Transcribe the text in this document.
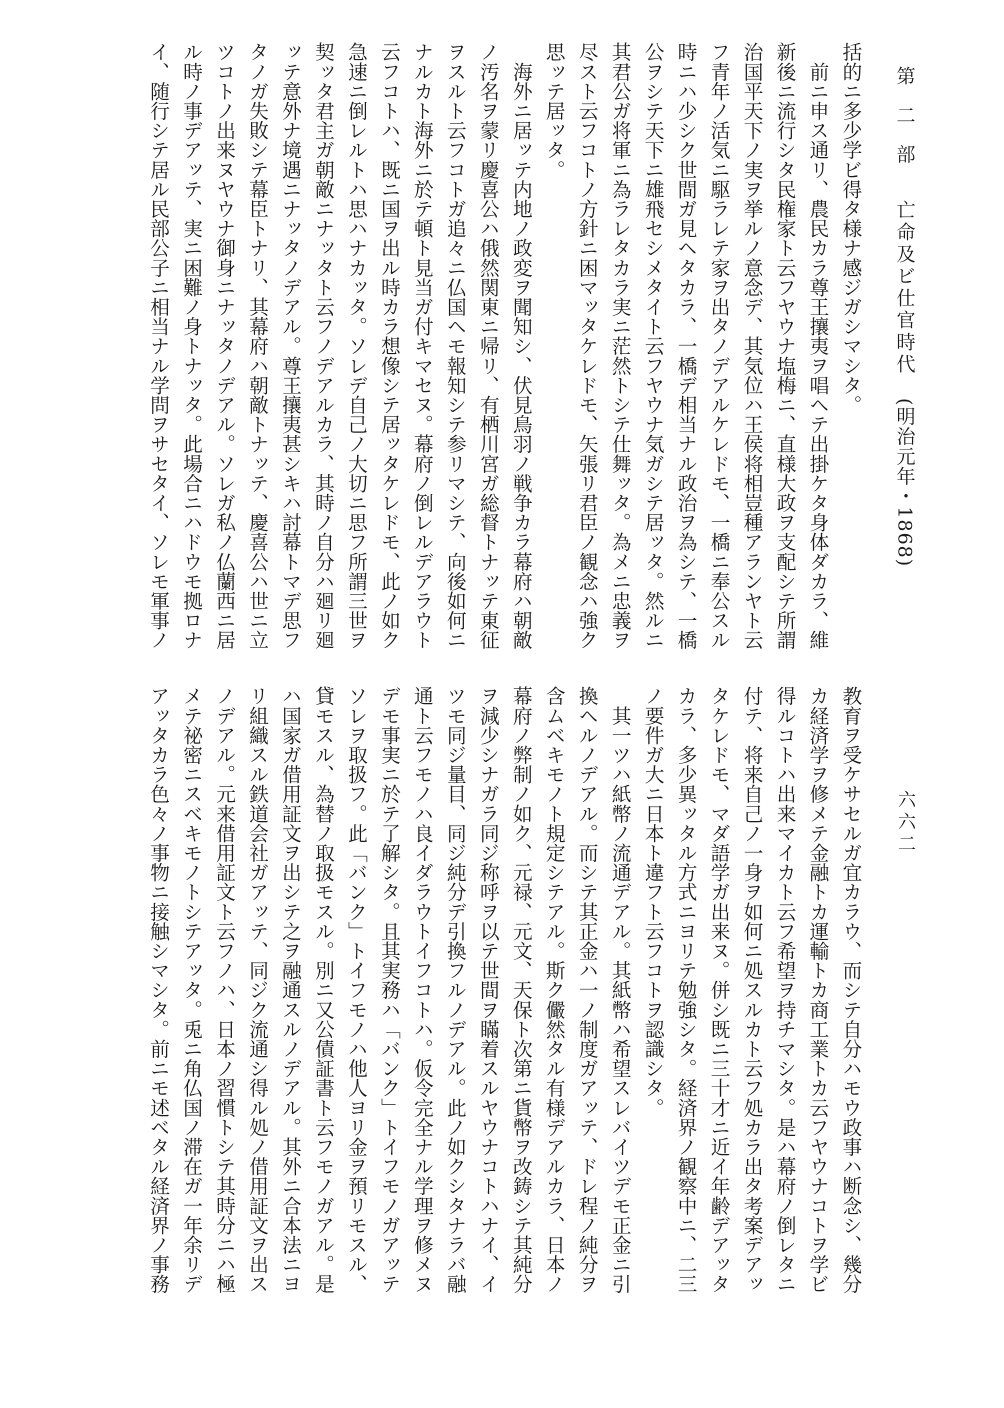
第 二 部
亡命及ビ仕官時代
(明治元年・1868)
六六二
括的ニ多少学ビ得タ様ナ感ジガシマシタ。
　前ニ申ス通リ、農民カラ尊王攘夷ヲ唱ヘテ出掛ケタ身体ダカラ、維
新後ニ流行シタ民権家ト云フヤウナ塩梅ニ、直様大政ヲ支配シテ所謂
治国平天下ノ実ヲ挙ルノ意念デ、其気位ハ王侯将相豈種アランヤト云
フ青年ノ活気ニ駆ラレテ家ヲ出タノデアルケレドモ、一橋ニ奉公スル
時ニハ少シク世間ガ見ヘタカラ、一橋デ相当ナル政治ヲ為シテ、一橋
公ヲシテ天下ニ雄飛セシメタイト云フヤウナ気ガシテ居ッタ。然ルニ
其君公ガ将軍ニ為ラレタカラ実ニ茫然トシテ仕舞ッタ。為メニ忠義ヲ
尽スト云フコトノ方針ニ困マッタケレドモ、矢張リ君臣ノ観念ハ強ク
思ッテ居ッタ。
　海外ニ居ッテ内地ノ政変ヲ聞知シ、伏見鳥羽ノ戦争カラ幕府ハ朝敵
ノ汚名ヲ蒙リ慶喜公ハ俄然関東ニ帰リ、有栖川宮ガ総督トナッテ東征
ヲスルト云フコトガ追々ニ仏国ヘモ報知シテ参リマシテ、向後如何ニ
ナルカト海外ニ於テ頓ト見当ガ付キマセヌ。幕府ノ倒レルデアラウト
云フコトハ、既ニ国ヲ出ル時カラ想像シテ居ッタケレドモ、此ノ如ク
急速ニ倒レルトハ思ハナカッタ。ソレデ自己ノ大切ニ思フ所謂三世ヲ
契ッタ君主ガ朝敵ニナッタト云フノデアルカラ、其時ノ自分ハ廻リ廻
ッテ意外ナ境遇ニナッタノデアル。尊王攘夷甚シキハ討幕トマデ思フ
タノガ失敗シテ幕臣トナリ、其幕府ハ朝敵トナッテ、慶喜公ハ世ニ立
ツコトノ出来ヌヤウナ御身ニナッタノデアル。ソレガ私ノ仏蘭西ニ居
ル時ノ事デアッテ、実ニ困難ノ身トナッタ。此場合ニハドウモ拠ロナ
イ、随行シテ居ル民部公子ニ相当ナル学問ヲサセタイ、ソレモ軍事ノ
教育ヲ受ケサセルガ宜カラウ、而シテ自分ハモウ政事ハ断念シ、幾分
カ経済学ヲ修メテ金融トカ運輸トカ商工業トカ云フヤウナコトヲ学ビ
得ルコトハ出来マイカト云フ希望ヲ持チマシタ。是ハ幕府ノ倒レタニ
付テ、将来自己ノ一身ヲ如何ニ処スルカト云フ処カラ出タ考案デアッ
タケレドモ、マダ語学ガ出来ヌ。併シ既ニ三十才ニ近イ年齢デアッタ
カラ、多少異ッタル方式ニヨリテ勉強シタ。経済界ノ観察中ニ、二三
ノ要件ガ大ニ日本ト違フト云フコトヲ認識シタ。
　其一ツハ紙幣ノ流通デアル。其紙幣ハ希望スレバイツデモ正金ニ引
換ヘルノデアル。而シテ其正金ハ一ノ制度ガアッテ、ドレ程ノ純分ヲ
含ムベキモノト規定シテアル。斯ク儼然タル有様デアルカラ、日本ノ
幕府ノ弊制ノ如ク、元禄、元文、天保ト次第ニ貨幣ヲ改鋳シテ其純分
ヲ減少シナガラ同ジ称呼ヲ以テ世間ヲ瞞着スルヤウナコトハナイ、イ
ツモ同ジ量目、同ジ純分デ引換フルノデアル。此ノ如クシタナラバ融
通ト云フモノハ良イダラウトイフコトハ。仮令完全ナル学理ヲ修メヌ
デモ事実ニ於テ了解シタ。且其実務ハ「バンク」トイフモノガアッテ
ソレヲ取扱フ。此「バンク」トイフモノハ他人ヨリ金ヲ預リモスル、
貸モスル、為替ノ取扱モスル。別ニ又公債証書ト云フモノガアル。是
ハ国家ガ借用証文ヲ出シテ之ヲ融通スルノデアル。其外ニ合本法ニヨ
リ組織スル鉄道会社ガアッテ、同ジク流通シ得ル処ノ借用証文ヲ出ス
ノデアル。元来借用証文ト云フノハ、日本ノ習慣トシテ其時分ニハ極
メテ祕密ニスベキモノトシテアッタ。兎ニ角仏国ノ滞在ガ一年余リデ
アッタカラ色々ノ事物ニ接触シマシタ。前ニモ述ベタル経済界ノ事務
